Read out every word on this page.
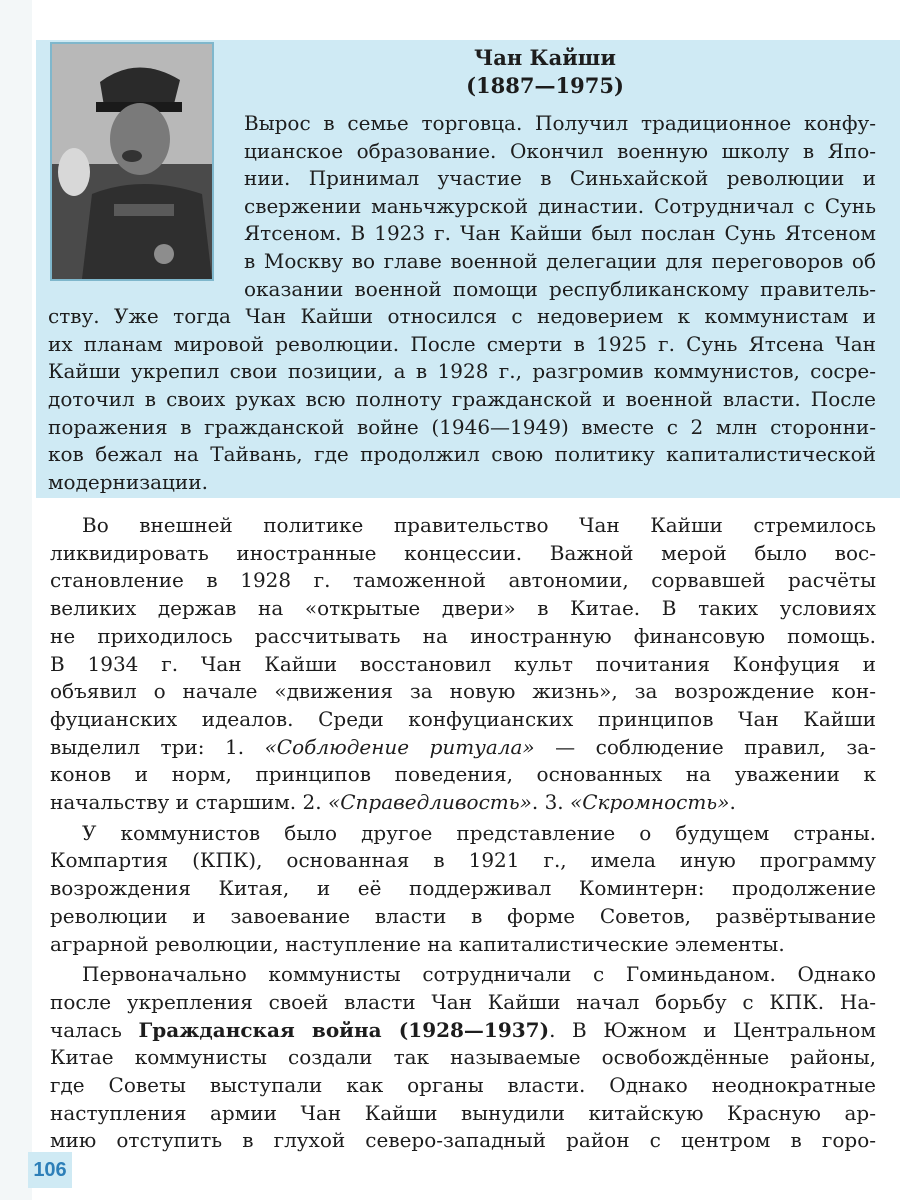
Чан Кайши
(1887—1975)
Вырос в семье торговца. Получил традиционное конфу-
цианское образование. Окончил военную школу в Япо-
нии. Принимал участие в Синьхайской революции и
свержении маньчжурской династии. Сотрудничал с Сунь
Ятсеном. В 1923 г. Чан Кайши был послан Сунь Ятсеном
в Москву во главе военной делегации для переговоров об
оказании военной помощи республиканскому правитель-
ству. Уже тогда Чан Кайши относился с недоверием к коммунистам и
их планам мировой революции. После смерти в 1925 г. Сунь Ятсена Чан
Кайши укрепил свои позиции, а в 1928 г., разгромив коммунистов, сосре-
доточил в своих руках всю полноту гражданской и военной власти. После
поражения в гражданской войне (1946—1949) вместе с 2 млн сторонни-
ков бежал на Тайвань, где продолжил свою политику капиталистической
модернизации.
Во внешней политике правительство Чан Кайши стремилось
ликвидировать иностранные концессии. Важной мерой было вос-
становление в 1928 г. таможенной автономии, сорвавшей расчёты
великих держав на «открытые двери» в Китае. В таких условиях
не приходилось рассчитывать на иностранную финансовую помощь.
В 1934 г. Чан Кайши восстановил культ почитания Конфуция и
объявил о начале «движения за новую жизнь», за возрождение кон-
фуцианских идеалов. Среди конфуцианских принципов Чан Кайши
выделил три: 1. «Соблюдение ритуала» — соблюдение правил, за-
конов и норм, принципов поведения, основанных на уважении к
начальству и старшим. 2. «Справедливость». 3. «Скромность».
У коммунистов было другое представление о будущем страны.
Компартия (КПК), основанная в 1921 г., имела иную программу
возрождения Китая, и её поддерживал Коминтерн: продолжение
революции и завоевание власти в форме Советов, развёртывание
аграрной революции, наступление на капиталистические элементы.
Первоначально коммунисты сотрудничали с Гоминьданом. Однако
после укрепления своей власти Чан Кайши начал борьбу с КПК. На-
чалась Гражданская война (1928—1937). В Южном и Центральном
Китае коммунисты создали так называемые освобождённые районы,
где Советы выступали как органы власти. Однако неоднократные
наступления армии Чан Кайши вынудили китайскую Красную ар-
мию отступить в глухой северо-западный район с центром в горо-
106
